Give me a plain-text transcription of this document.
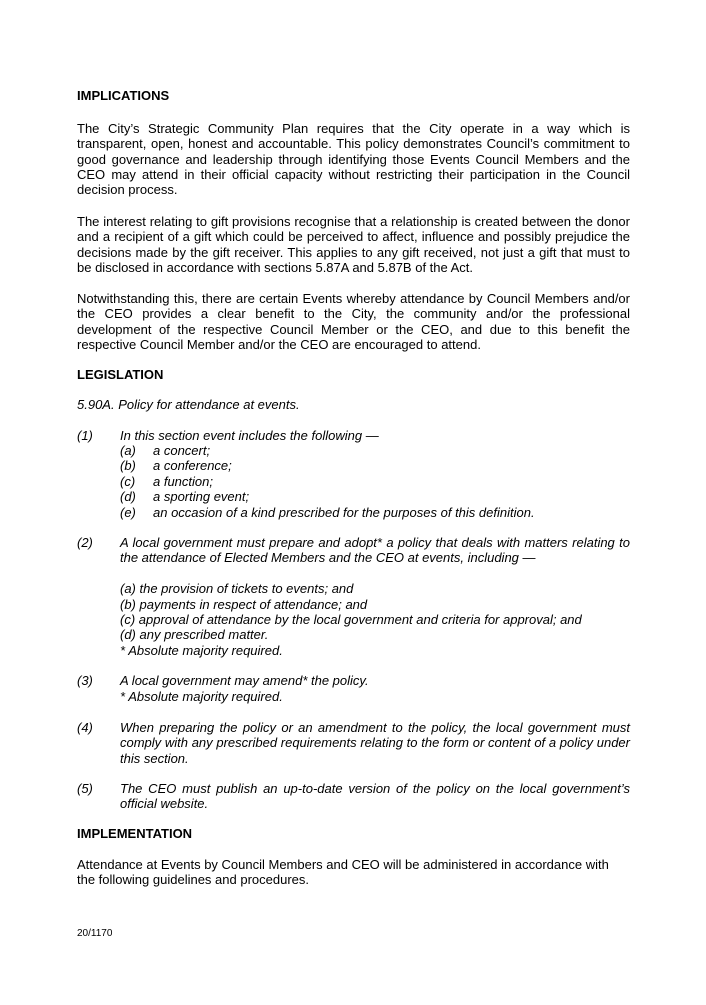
IMPLICATIONS
The City’s Strategic Community Plan requires that the City operate in a way which is transparent, open, honest and accountable. This policy demonstrates Council’s commitment to good governance and leadership through identifying those Events Council Members and the CEO may attend in their official capacity without restricting their participation in the Council decision process.
The interest relating to gift provisions recognise that a relationship is created between the donor and a recipient of a gift which could be perceived to affect, influence and possibly prejudice the decisions made by the gift receiver. This applies to any gift received, not just a gift that must to be disclosed in accordance with sections 5.87A and 5.87B of the Act.
Notwithstanding this, there are certain Events whereby attendance by Council Members and/or the CEO provides a clear benefit to the City, the community and/or the professional development of the respective Council Member or the CEO, and due to this benefit the respective Council Member and/or the CEO are encouraged to attend.
LEGISLATION
5.90A. Policy for attendance at events.
(1) In this section event includes the following —
(a) a concert;
(b) a conference;
(c) a function;
(d) a sporting event;
(e) an occasion of a kind prescribed for the purposes of this definition.
(2) A local government must prepare and adopt* a policy that deals with matters relating to the attendance of Elected Members and the CEO at events, including —
(a) the provision of tickets to events; and
(b) payments in respect of attendance; and
(c) approval of attendance by the local government and criteria for approval; and
(d) any prescribed matter.
* Absolute majority required.
(3) A local government may amend* the policy.
* Absolute majority required.
(4) When preparing the policy or an amendment to the policy, the local government must comply with any prescribed requirements relating to the form or content of a policy under this section.
(5) The CEO must publish an up-to-date version of the policy on the local government’s official website.
IMPLEMENTATION
Attendance at Events by Council Members and CEO will be administered in accordance with the following guidelines and procedures.
20/1170
